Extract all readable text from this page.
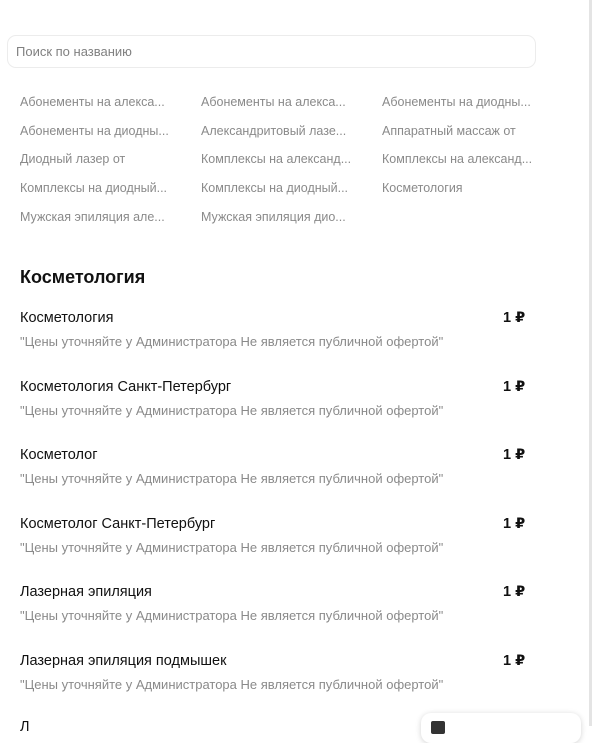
Поиск по названию
Абонементы на алекса...	Абонементы на алекса...	Абонементы на диодны...
Абонементы на диодны...	Александритовый лазе...	Аппаратный массаж от
Диодный лазер от	Комплексы на александ...	Комплексы на александ...
Комплексы на диодный...	Комплексы на диодный...	Косметология
Мужская эпиляция але...	Мужская эпиляция дио...
Косметология
Косметология
"Цены уточняйте у Администратора Не является публичной офертой"
1 ₽
Косметология Санкт-Петербург
"Цены уточняйте у Администратора Не является публичной офертой"
1 ₽
Косметолог
"Цены уточняйте у Администратора Не является публичной офертой"
1 ₽
Косметолог Санкт-Петербург
"Цены уточняйте у Администратора Не является публичной офертой"
1 ₽
Лазерная эпиляция
"Цены уточняйте у Администратора Не является публичной офертой"
1 ₽
Лазерная эпиляция подмышек
"Цены уточняйте у Администратора Не является публичной офертой"
1 ₽
Л
